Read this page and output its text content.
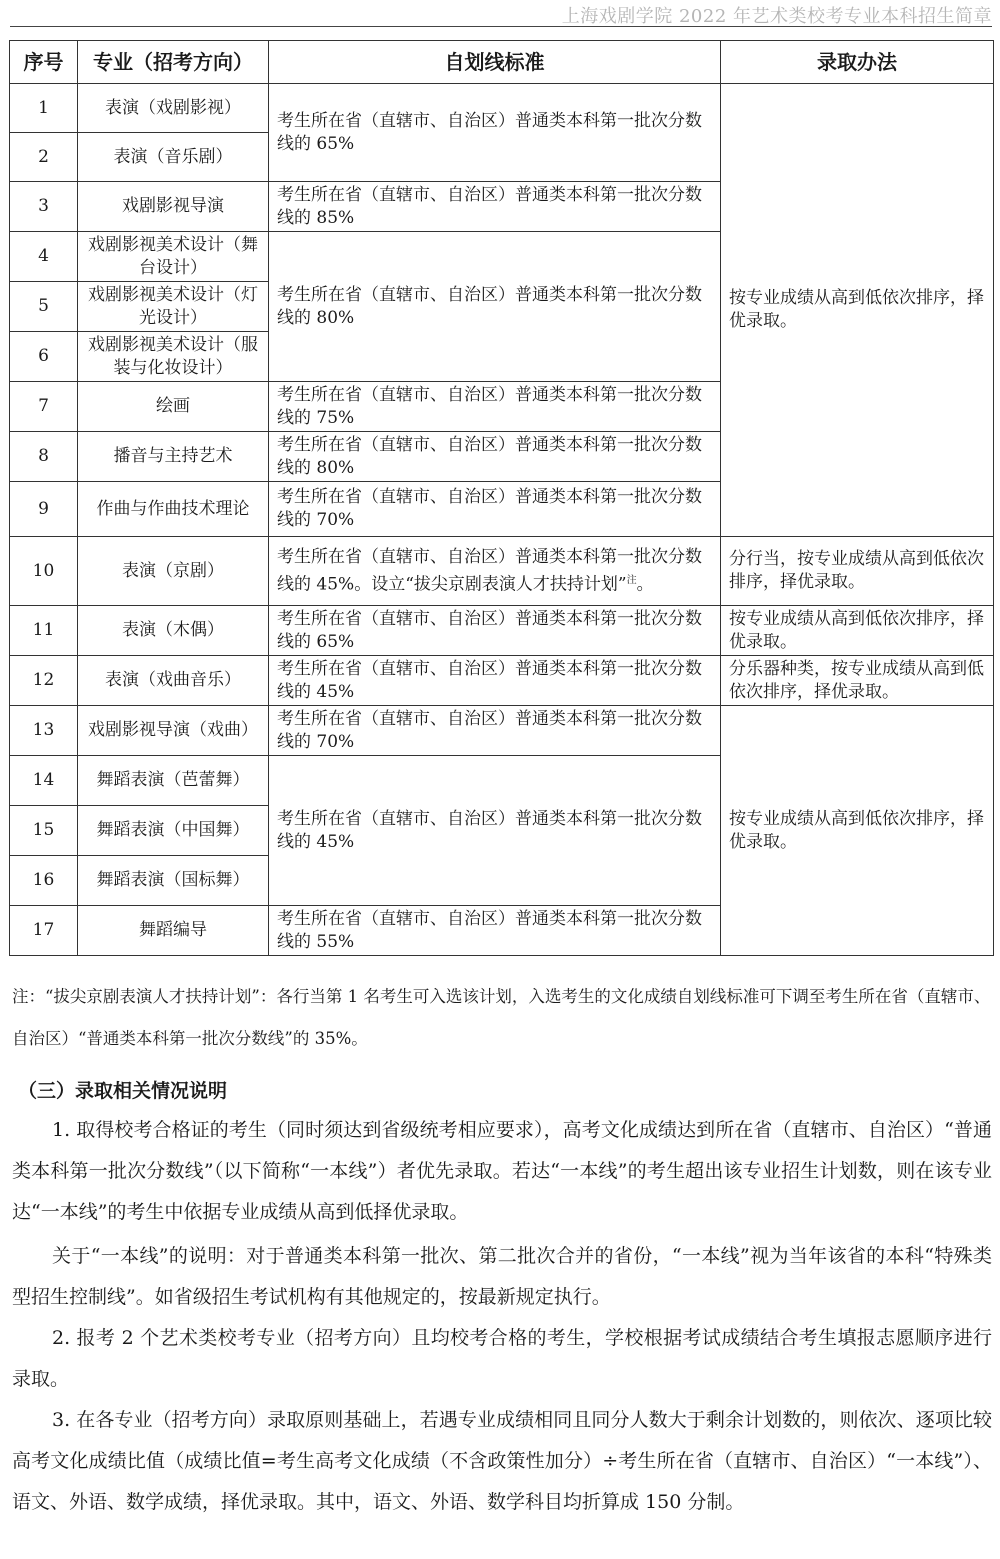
上海戏剧学院 2022 年艺术类校考专业本科招生简章
序号	专业（招考方向）	自划线标准	录取办法
1	表演（戏剧影视）	考生所在省（直辖市、自治区）普通类本科第一批次分数线的 65%	按专业成绩从高到低依次排序，择优录取。
2	表演（音乐剧）		
3	戏剧影视导演	考生所在省（直辖市、自治区）普通类本科第一批次分数线的 85%	
4	戏剧影视美术设计（舞台设计）	考生所在省（直辖市、自治区）普通类本科第一批次分数线的 80%	
5	戏剧影视美术设计（灯光设计）		
6	戏剧影视美术设计（服装与化妆设计）		
7	绘画	考生所在省（直辖市、自治区）普通类本科第一批次分数线的 75%	
8	播音与主持艺术	考生所在省（直辖市、自治区）普通类本科第一批次分数线的 80%	
9	作曲与作曲技术理论	考生所在省（直辖市、自治区）普通类本科第一批次分数线的 70%	
10	表演（京剧）	考生所在省（直辖市、自治区）普通类本科第一批次分数线的 45%。设立“拔尖京剧表演人才扶持计划”$^注$。	分行当，按专业成绩从高到低依次排序，择优录取。
11	表演（木偶）	考生所在省（直辖市、自治区）普通类本科第一批次分数线的 65%	按专业成绩从高到低依次排序，择优录取。
12	表演（戏曲音乐）	考生所在省（直辖市、自治区）普通类本科第一批次分数线的 45%	分乐器种类，按专业成绩从高到低依次排序，择优录取。
13	戏剧影视导演（戏曲）	考生所在省（直辖市、自治区）普通类本科第一批次分数线的 70%	按专业成绩从高到低依次排序，择优录取。
14	舞蹈表演（芭蕾舞）	考生所在省（直辖市、自治区）普通类本科第一批次分数线的 45%	
15	舞蹈表演（中国舞）		
16	舞蹈表演（国标舞）		
17	舞蹈编导	考生所在省（直辖市、自治区）普通类本科第一批次分数线的 55%	
注：“拔尖京剧表演人才扶持计划”：各行当第 1 名考生可入选该计划，入选考生的文化成绩自划线标准可下调至考生所在省（直辖市、自治区）“普通类本科第一批次分数线”的 35%。
（三）录取相关情况说明
1. 取得校考合格证的考生（同时须达到省级统考相应要求），高考文化成绩达到所在省（直辖市、自治区）“普通类本科第一批次分数线”（以下简称“一本线”）者优先录取。若达“一本线”的考生超出该专业招生计划数，则在该专业达“一本线”的考生中依据专业成绩从高到低择优录取。
关于“一本线”的说明：对于普通类本科第一批次、第二批次合并的省份，“一本线”视为当年该省的本科“特殊类型招生控制线”。如省级招生考试机构有其他规定的，按最新规定执行。
2. 报考 2 个艺术类校考专业（招考方向）且均校考合格的考生，学校根据考试成绩结合考生填报志愿顺序进行录取。
3. 在各专业（招考方向）录取原则基础上，若遇专业成绩相同且同分人数大于剩余计划数的，则依次、逐项比较高考文化成绩比值（成绩比值=考生高考文化成绩（不含政策性加分）÷考生所在省（直辖市、自治区）“一本线”）、语文、外语、数学成绩，择优录取。其中，语文、外语、数学科目均折算成 150 分制。
